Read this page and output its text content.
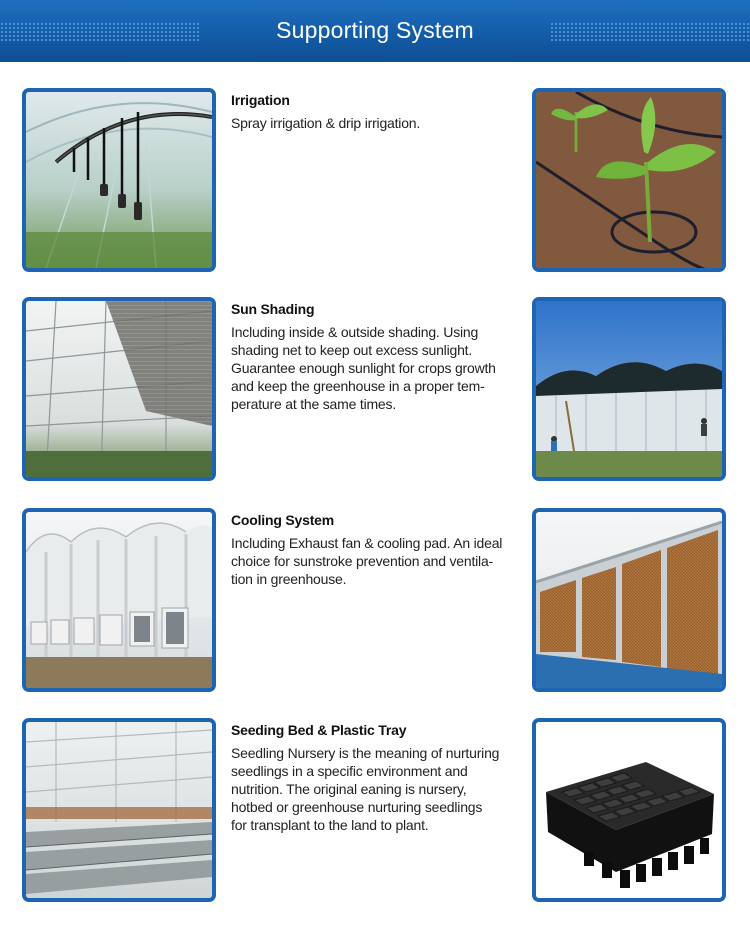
Supporting System

Irrigation

Spray irrigation & drip irrigation.

Sun Shading

Including inside & outside shading. Using
shading net to keep out excess sunlight.
Guarantee enough sunlight for crops growth
and keep the greenhouse in a proper tem-
perature at the same times.

Cooling System

Including Exhaust fan & cooling pad. An ideal
choice for sunstroke prevention and ventila-
tion in greenhouse.

Seeding Bed & Plastic Tray

Seedling Nursery is the meaning of nurturing
seedlings in a specific environment and
nutrition. The original eaning is nursery,
hotbed or greenhouse nurturing seedlings
for transplant to the land to plant.
